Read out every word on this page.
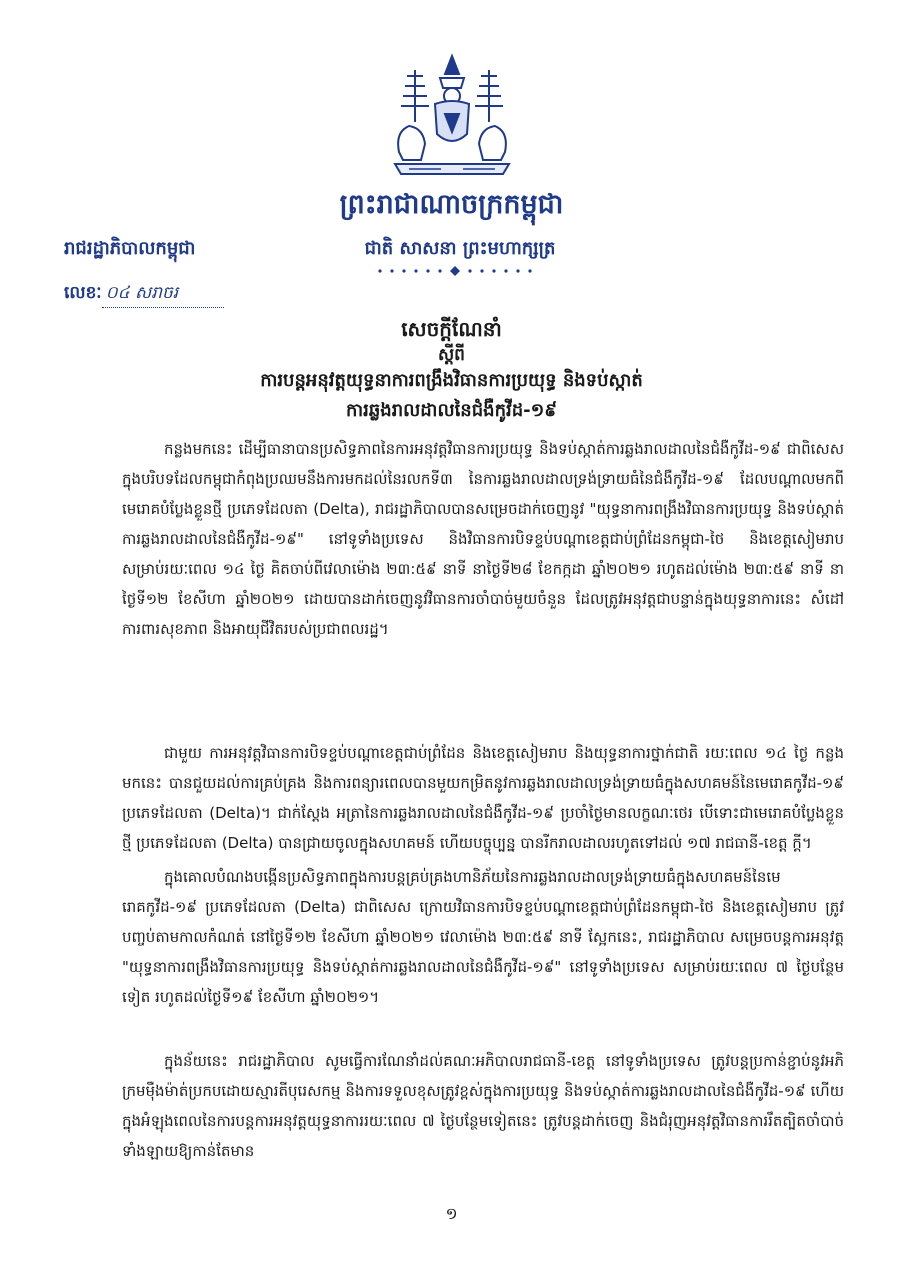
ព្រះរាជាណាចក្រកម្ពុជា
រាជរដ្ឋាភិបាលកម្ពុជា	ជាតិ សាសនា ព្រះមហាក្សត្រ
លេខៈ ០៤ សរាចរ
សេចក្តីណែនាំ
ស្តីពី
ការបន្តអនុវត្តយុទ្ធនាការពង្រឹងវិធានការប្រយុទ្ធ និងទប់ស្កាត់
ការឆ្លងរាលដាលនៃជំងឺកូវីដ-១៩
កន្លងមកនេះ ដើម្បីធានាបានប្រសិទ្ធភាពនៃការអនុវត្តវិធានការប្រយុទ្ធ និងទប់ស្កាត់ការឆ្លងរាលដាលនៃជំងឺកូវីដ-១៩ ជាពិសេស ក្នុងបរិបទដែលកម្ពុជាកំពុងប្រឈមនឹងការមកដល់នៃរលកទី៣ នៃការឆ្លងរាលដាលទ្រង់ទ្រាយធំនៃជំងឺកូវីដ-១៩ ដែលបណ្តាលមកពីមេរោគបំប្លែងខ្លួនថ្មី ប្រភេទដែលតា (Delta), រាជរដ្ឋាភិបាលបានសម្រេចដាក់ចេញនូវ "យុទ្ធនាការពង្រឹងវិធានការប្រយុទ្ធ និងទប់ស្កាត់ការឆ្លងរាលដាលនៃជំងឺកូវីដ-១៩" នៅទូទាំងប្រទេស និងវិធានការបិទខ្ទប់បណ្តាខេត្តជាប់ព្រំដែនកម្ពុជា-ថៃ និងខេត្តសៀមរាប សម្រាប់រយៈពេល ១៤ ថ្ងៃ គិតចាប់ពីវេលាម៉ោង ២៣:៥៩ នាទី នាថ្ងៃទី២៨ ខែកក្កដា ឆ្នាំ២០២១ រហូតដល់ម៉ោង ២៣:៥៩ នាទី នាថ្ងៃទី១២ ខែសីហា ឆ្នាំ២០២១ ដោយបានដាក់ចេញនូវវិធានការចាំបាច់មួយចំនួន ដែលត្រូវអនុវត្តជាបន្ទាន់ក្នុងយុទ្ធនាការនេះ សំដៅការពារសុខភាព និងអាយុជីវិតរបស់ប្រជាពលរដ្ឋ។
ជាមួយ ការអនុវត្តវិធានការបិទខ្ទប់បណ្តាខេត្តជាប់ព្រំដែន និងខេត្តសៀមរាប និងយុទ្ធនាការថ្នាក់ជាតិ រយៈពេល ១៤ ថ្ងៃ កន្លងមកនេះ បានជួយដល់ការគ្រប់គ្រង និងការពន្យារពេលបានមួយកម្រិតនូវការឆ្លងរាលដាលទ្រង់ទ្រាយធំក្នុងសហគមន៍នៃមេរោគកូវីដ-១៩ ប្រភេទដែលតា (Delta)។ ជាក់ស្តែង អត្រានៃការឆ្លងរាលដាលនៃជំងឺកូវីដ-១៩ ប្រចាំថ្ងៃមានលក្ខណៈថេរ បើទោះជាមេរោគបំប្លែងខ្លួនថ្មី ប្រភេទដែលតា (Delta) បានជ្រាយចូលក្នុងសហគមន៍ ហើយបច្ចុប្បន្ន បានរីករាលដាលរហូតទៅដល់ ១៧ រាជធានី-ខេត្ត ក្តី។
ក្នុងគោលបំណងបង្កើនប្រសិទ្ធភាពក្នុងការបន្តគ្រប់គ្រងហានិភ័យនៃការឆ្លងរាលដាលទ្រង់ទ្រាយធំក្នុងសហគមន៍នៃមេរោគកូវីដ-១៩ ប្រភេទដែលតា (Delta) ជាពិសេស ក្រោយវិធានការបិទខ្ទប់បណ្តាខេត្តជាប់ព្រំដែនកម្ពុជា-ថៃ និងខេត្តសៀមរាប ត្រូវបញ្ចប់តាមកាលកំណត់ នៅថ្ងៃទី១២ ខែសីហា ឆ្នាំ២០២១ វេលាម៉ោង ២៣:៥៩ នាទី ស្អែកនេះ, រាជរដ្ឋាភិបាល សម្រេចបន្តការអនុវត្ត "យុទ្ធនាការពង្រឹងវិធានការប្រយុទ្ធ និងទប់ស្កាត់ការឆ្លងរាលដាលនៃជំងឺកូវីដ-១៩" នៅទូទាំងប្រទេស សម្រាប់រយៈពេល ៧ ថ្ងៃបន្ថែមទៀត រហូតដល់ថ្ងៃទី១៩ ខែសីហា ឆ្នាំ២០២១។
ក្នុងន័យនេះ រាជរដ្ឋាភិបាល សូមធ្វើការណែនាំដល់គណៈអភិបាលរាជធានី-ខេត្ត នៅទូទាំងប្រទេស ត្រូវបន្តប្រកាន់ខ្ជាប់នូវអភិក្រមម៉ឺងម៉ាត់ប្រកបដោយស្មារតីបុរេសកម្ម និងការទទួលខុសត្រូវខ្ពស់ក្នុងការប្រយុទ្ធ និងទប់ស្កាត់ការឆ្លងរាលដាលនៃជំងឺកូវីដ-១៩ ហើយក្នុងអំឡុងពេលនៃការបន្តការអនុវត្តយុទ្ធនាការរយៈពេល ៧ ថ្ងៃបន្ថែមទៀតនេះ ត្រូវបន្តដាក់ចេញ និងជំរុញអនុវត្តវិធានការរឹតត្បិតចាំបាច់ទាំងឡាយឱ្យកាន់តែមាន
១
